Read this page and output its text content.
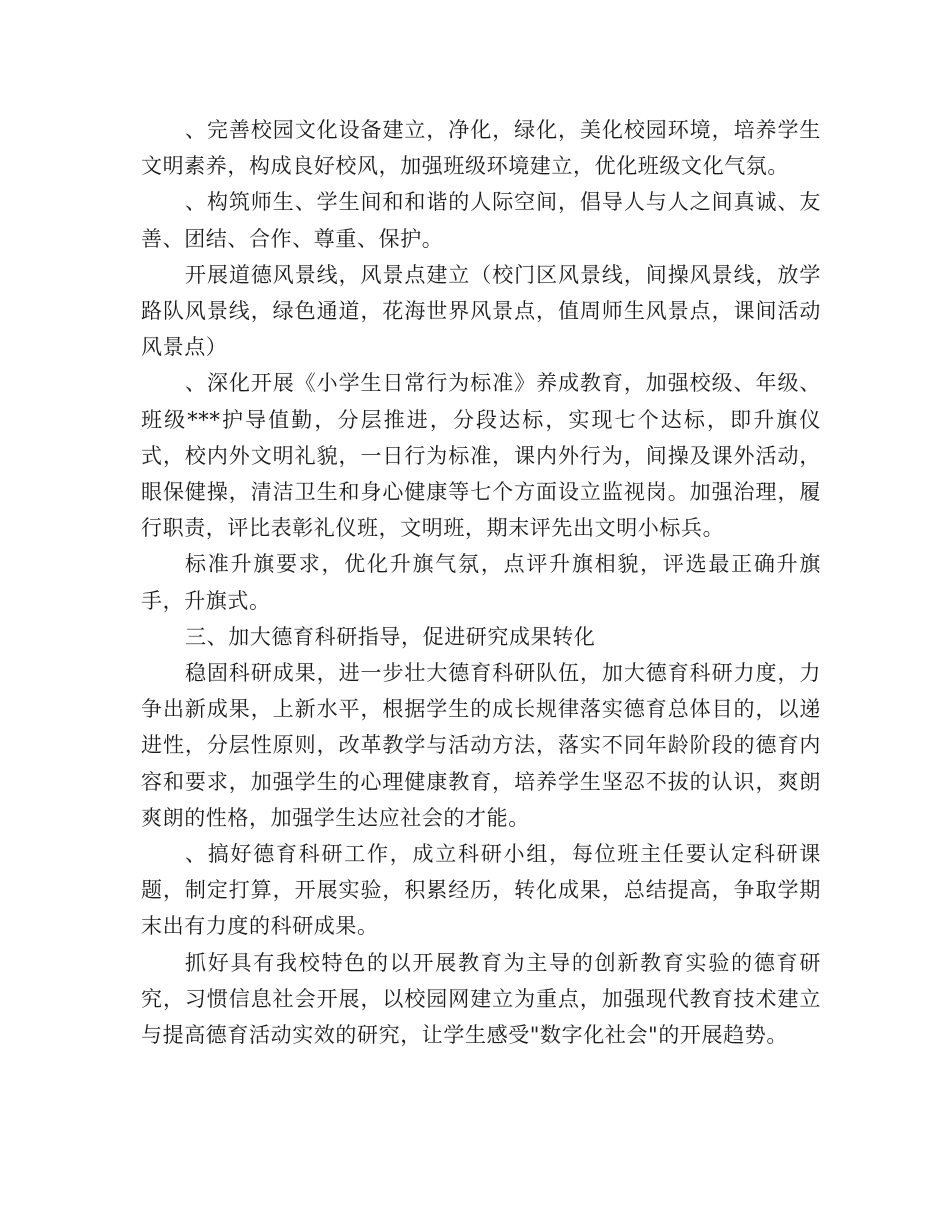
、完善校园文化设备建立，净化，绿化，美化校园环境，培养学生文明素养，构成良好校风，加强班级环境建立，优化班级文化气氛。

、构筑师生、学生间和和谐的人际空间，倡导人与人之间真诚、友善、团结、合作、尊重、保护。

开展道德风景线，风景点建立（校门区风景线，间操风景线，放学路队风景线，绿色通道，花海世界风景点，值周师生风景点，课间活动风景点）

、深化开展《小学生日常行为标准》养成教育，加强校级、年级、班级***护导值勤，分层推进，分段达标，实现七个达标，即升旗仪式，校内外文明礼貌，一日行为标准，课内外行为，间操及课外活动，眼保健操，清洁卫生和身心健康等七个方面设立监视岗。加强治理，履行职责，评比表彰礼仪班，文明班，期末评先出文明小标兵。

标准升旗要求，优化升旗气氛，点评升旗相貌，评选最正确升旗手，升旗式。

三、加大德育科研指导，促进研究成果转化

稳固科研成果，进一步壮大德育科研队伍，加大德育科研力度，力争出新成果，上新水平，根据学生的成长规律落实德育总体目的，以递进性，分层性原则，改革教学与活动方法，落实不同年龄阶段的德育内容和要求，加强学生的心理健康教育，培养学生坚忍不拔的认识，爽朗爽朗的性格，加强学生达应社会的才能。

、搞好德育科研工作，成立科研小组，每位班主任要认定科研课题，制定打算，开展实验，积累经历，转化成果，总结提高，争取学期末出有力度的科研成果。

抓好具有我校特色的以开展教育为主导的创新教育实验的德育研究，习惯信息社会开展，以校园网建立为重点，加强现代教育技术建立与提高德育活动实效的研究，让学生感受"数字化社会"的开展趋势。
